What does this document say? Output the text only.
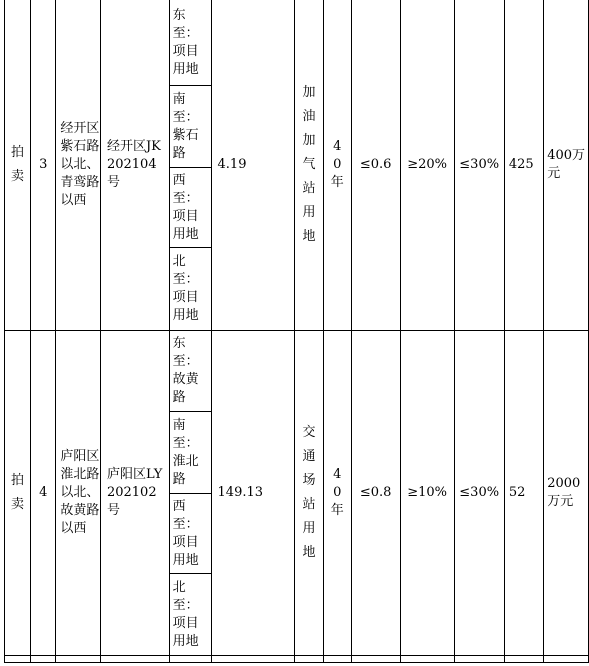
拍卖	3	经开区紫石路以北、青鸾路以西	经开区JK202104号	东至：项目用地	4.19	加油加气站用地	40年	≤0.6	≥20%	≤30%	425	400万元
				南至：紫石路								
				西至：项目用地								
				北至：项目用地								
拍卖	4	庐阳区淮北路以北、故黄路以西	庐阳区LY202102号	东至：故黄路	149.13	交通场站用地	40年	≤0.8	≥10%	≤30%	52	2000万元
				南至：淮北路								
				西至：项目用地								
				北至：项目用地								
